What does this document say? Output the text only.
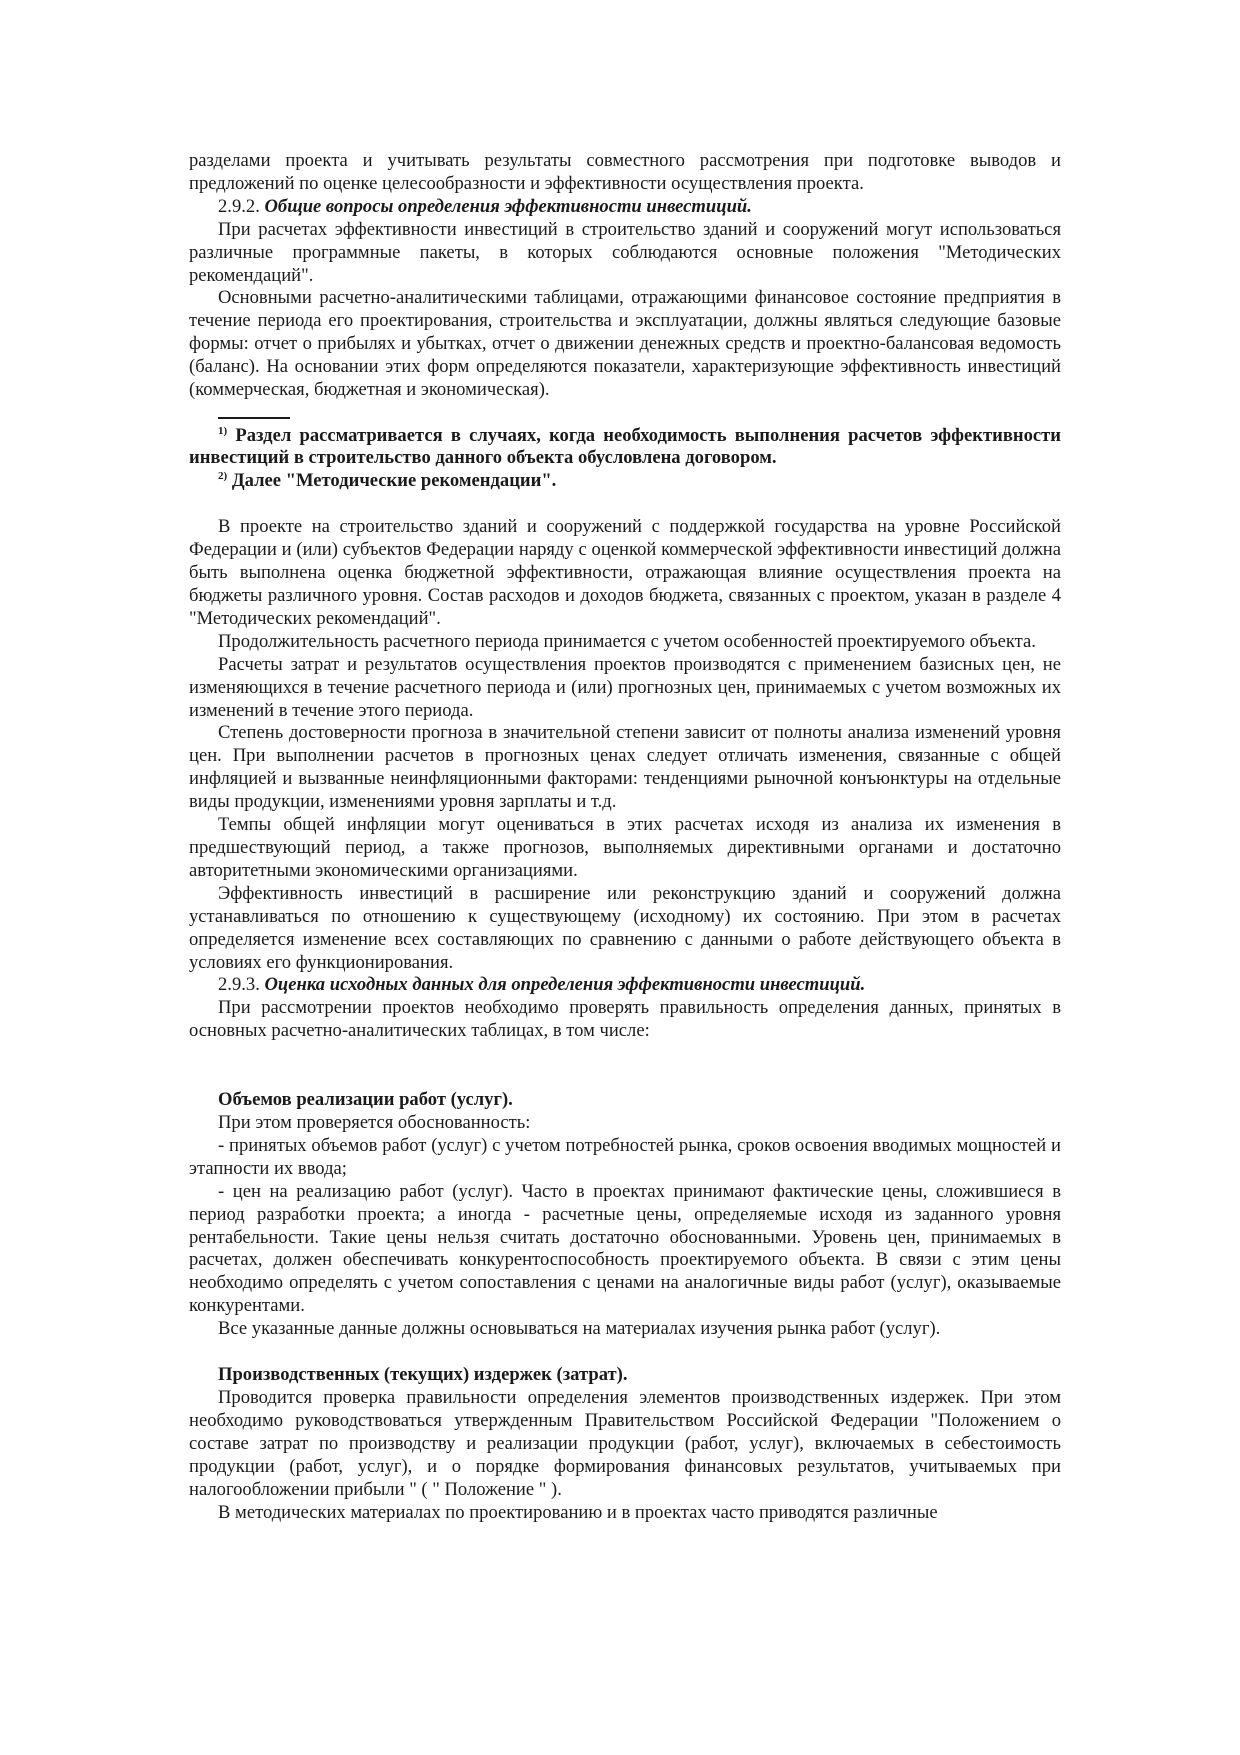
разделами проекта и учитывать результаты совместного рассмотрения при подготовке выводов и предложений по оценке целесообразности и эффективности осуществления проекта.

2.9.2. Общие вопросы определения эффективности инвестиций.

При расчетах эффективности инвестиций в строительство зданий и сооружений могут использоваться различные программные пакеты, в которых соблюдаются основные положения "Методических рекомендаций".

Основными расчетно-аналитическими таблицами, отражающими финансовое состояние предприятия в течение периода его проектирования, строительства и эксплуатации, должны являться следующие базовые формы: отчет о прибылях и убытках, отчет о движении денежных средств и проектно-балансовая ведомость (баланс). На основании этих форм определяются показатели, характеризующие эффективность инвестиций (коммерческая, бюджетная и экономическая).

$^{1)}$ Раздел рассматривается в случаях, когда необходимость выполнения расчетов эффективности инвестиций в строительство данного объекта обусловлена договором.

$^{2)}$ Далее "Методические рекомендации".

В проекте на строительство зданий и сооружений с поддержкой государства на уровне Российской Федерации и (или) субъектов Федерации наряду с оценкой коммерческой эффективности инвестиций должна быть выполнена оценка бюджетной эффективности, отражающая влияние осуществления проекта на бюджеты различного уровня. Состав расходов и доходов бюджета, связанных с проектом, указан в разделе 4 "Методических рекомендаций".

Продолжительность расчетного периода принимается с учетом особенностей проектируемого объекта.

Расчеты затрат и результатов осуществления проектов производятся с применением базисных цен, не изменяющихся в течение расчетного периода и (или) прогнозных цен, принимаемых с учетом возможных их изменений в течение этого периода.

Степень достоверности прогноза в значительной степени зависит от полноты анализа изменений уровня цен. При выполнении расчетов в прогнозных ценах следует отличать изменения, связанные с общей инфляцией и вызванные неинфляционными факторами: тенденциями рыночной конъюнктуры на отдельные виды продукции, изменениями уровня зарплаты и т.д.

Темпы общей инфляции могут оцениваться в этих расчетах исходя из анализа их изменения в предшествующий период, а также прогнозов, выполняемых директивными органами и достаточно авторитетными экономическими организациями.

Эффективность инвестиций в расширение или реконструкцию зданий и сооружений должна устанавливаться по отношению к существующему (исходному) их состоянию. При этом в расчетах определяется изменение всех составляющих по сравнению с данными о работе действующего объекта в условиях его функционирования.

2.9.3. Оценка исходных данных для определения эффективности инвестиций.

При рассмотрении проектов необходимо проверять правильность определения данных, принятых в основных расчетно-аналитических таблицах, в том числе:

Объемов реализации работ (услуг).

При этом проверяется обоснованность:

- принятых объемов работ (услуг) с учетом потребностей рынка, сроков освоения вводимых мощностей и этапности их ввода;

- цен на реализацию работ (услуг). Часто в проектах принимают фактические цены, сложившиеся в период разработки проекта; а иногда - расчетные цены, определяемые исходя из заданного уровня рентабельности. Такие цены нельзя считать достаточно обоснованными. Уровень цен, принимаемых в расчетах, должен обеспечивать конкурентоспособность проектируемого объекта. В связи с этим цены необходимо определять с учетом сопоставления с ценами на аналогичные виды работ (услуг), оказываемые конкурентами.

Все указанные данные должны основываться на материалах изучения рынка работ (услуг).

Производственных (текущих) издержек (затрат).

Проводится проверка правильности определения элементов производственных издержек. При этом необходимо руководствоваться утвержденным Правительством Российской Федерации "Положением о составе затрат по производству и реализации продукции (работ, услуг), включаемых в себестоимость продукции (работ, услуг), и о порядке формирования финансовых результатов, учитываемых при налогообложении прибыли " ( " Положение " ).

В методических материалах по проектированию и в проектах часто приводятся различные
